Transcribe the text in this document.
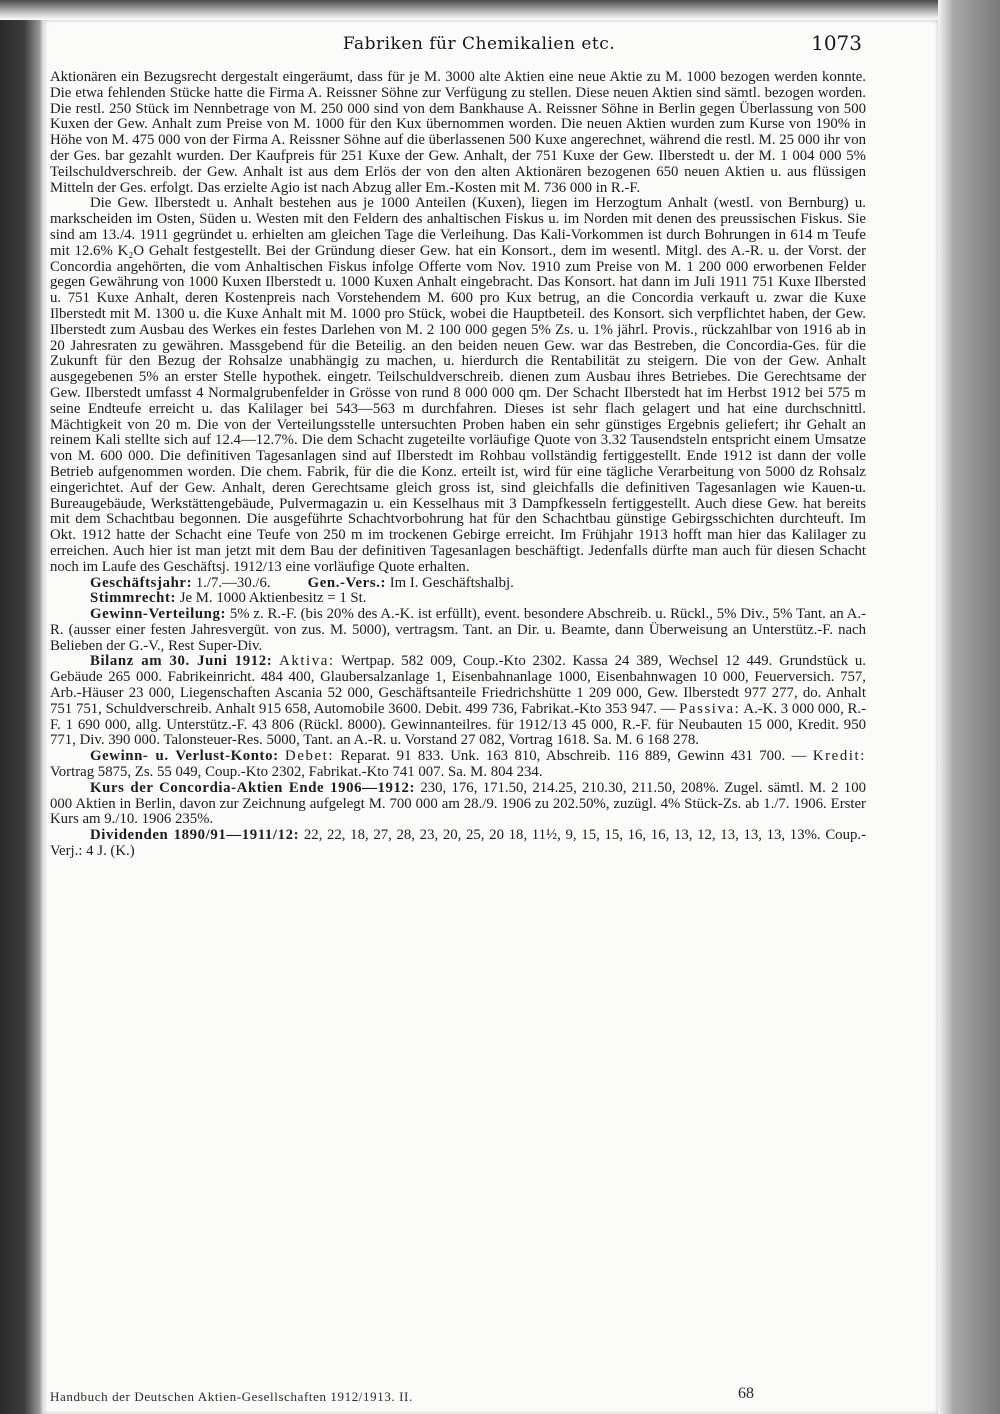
Fabriken für Chemikalien etc.	1073

Aktionären ein Bezugsrecht dergestalt eingeräumt, dass für je M. 3000 alte Aktien eine neue Aktie zu M. 1000 bezogen werden konnte. Die etwa fehlenden Stücke hatte die Firma A. Reissner Söhne zur Verfügung zu stellen. Diese neuen Aktien sind sämtl. bezogen worden. Die restl. 250 Stück im Nennbetrage von M. 250 000 sind von dem Bankhause A. Reissner Söhne in Berlin gegen Überlassung von 500 Kuxen der Gew. Anhalt zum Preise von M. 1000 für den Kux übernommen worden. Die neuen Aktien wurden zum Kurse von 190% in Höhe von M. 475 000 von der Firma A. Reissner Söhne auf die überlassenen 500 Kuxe angerechnet, während die restl. M. 25 000 ihr von der Ges. bar gezahlt wurden. Der Kaufpreis für 251 Kuxe der Gew. Anhalt, der 751 Kuxe der Gew. Ilberstedt u. der M. 1 004 000 5% Teilschuldverschreib. der Gew. Anhalt ist aus dem Erlös der von den alten Aktionären bezogenen 650 neuen Aktien u. aus flüssigen Mitteln der Ges. erfolgt. Das erzielte Agio ist nach Abzug aller Em.-Kosten mit M. 736 000 in R.-F.

Die Gew. Ilberstedt u. Anhalt bestehen aus je 1000 Anteilen (Kuxen), liegen im Herzogtum Anhalt (westl. von Bernburg) u. markscheiden im Osten, Süden u. Westen mit den Feldern des anhaltischen Fiskus u. im Norden mit denen des preussischen Fiskus. Sie sind am 13./4. 1911 gegründet u. erhielten am gleichen Tage die Verleihung. Das Kali-Vorkommen ist durch Bohrungen in 614 m Teufe mit 12.6% K₂O Gehalt festgestellt. Bei der Gründung dieser Gew. hat ein Konsort., dem im wesentl. Mitgl. des A.-R. u. der Vorst. der Concordia angehörten, die vom Anhaltischen Fiskus infolge Offerte vom Nov. 1910 zum Preise von M. 1 200 000 erworbenen Felder gegen Gewährung von 1000 Kuxen Ilberstedt u. 1000 Kuxen Anhalt eingebracht. Das Konsort. hat dann im Juli 1911 751 Kuxe Ilbersted u. 751 Kuxe Anhalt, deren Kostenpreis nach Vorstehendem M. 600 pro Kux betrug, an die Concordia verkauft u. zwar die Kuxe Ilberstedt mit M. 1300 u. die Kuxe Anhalt mit M. 1000 pro Stück, wobei die Hauptbeteil. des Konsort. sich verpflichtet haben, der Gew. Ilberstedt zum Ausbau des Werkes ein festes Darlehen von M. 2 100 000 gegen 5% Zs. u. 1% jährl. Provis., rückzahlbar von 1916 ab in 20 Jahresraten zu gewähren. Massgebend für die Beteilig. an den beiden neuen Gew. war das Bestreben, die Concordia-Ges. für die Zukunft für den Bezug der Rohsalze unabhängig zu machen, u. hierdurch die Rentabilität zu steigern. Die von der Gew. Anhalt ausgegebenen 5% an erster Stelle hypothek. eingetr. Teilschuldverschreib. dienen zum Ausbau ihres Betriebes. Die Gerechtsame der Gew. Ilberstedt umfasst 4 Normalgrubenfelder in Grösse von rund 8 000 000 qm. Der Schacht Ilberstedt hat im Herbst 1912 bei 575 m seine Endteufe erreicht u. das Kalilager bei 543—563 m durchfahren. Dieses ist sehr flach gelagert und hat eine durchschnittl. Mächtigkeit von 20 m. Die von der Verteilungsstelle untersuchten Proben haben ein sehr günstiges Ergebnis geliefert; ihr Gehalt an reinem Kali stellte sich auf 12.4—12.7%. Die dem Schacht zugeteilte vorläufige Quote von 3.32 Tausendsteln entspricht einem Umsatze von M. 600 000. Die definitiven Tagesanlagen sind auf Ilberstedt im Rohbau vollständig fertiggestellt. Ende 1912 ist dann der volle Betrieb aufgenommen worden. Die chem. Fabrik, für die die Konz. erteilt ist, wird für eine tägliche Verarbeitung von 5000 dz Rohsalz eingerichtet. Auf der Gew. Anhalt, deren Gerechtsame gleich gross ist, sind gleichfalls die definitiven Tagesanlagen wie Kauen-u. Bureaugebäude, Werkstättengebäude, Pulvermagazin u. ein Kesselhaus mit 3 Dampfkesseln fertiggestellt. Auch diese Gew. hat bereits mit dem Schachtbau begonnen. Die ausgeführte Schachtvorbohrung hat für den Schachtbau günstige Gebirgsschichten durchteuft. Im Okt. 1912 hatte der Schacht eine Teufe von 250 m im trockenen Gebirge erreicht. Im Frühjahr 1913 hofft man hier das Kalilager zu erreichen. Auch hier ist man jetzt mit dem Bau der definitiven Tagesanlagen beschäftigt. Jedenfalls dürfte man auch für diesen Schacht noch im Laufe des Geschäftsj. 1912/13 eine vorläufige Quote erhalten.

Geschäftsjahr: 1./7.—30./6.	Gen.-Vers.: Im I. Geschäftshalbj.

Stimmrecht: Je M. 1000 Aktienbesitz = 1 St.

Gewinn-Verteilung: 5% z. R.-F. (bis 20% des A.-K. ist erfüllt), event. besondere Abschreib. u. Rückl., 5% Div., 5% Tant. an A.-R. (ausser einer festen Jahresvergüt. von zus. M. 5000), vertragsm. Tant. an Dir. u. Beamte, dann Überweisung an Unterstütz.-F. nach Belieben der G.-V., Rest Super-Div.

Bilanz am 30. Juni 1912: Aktiva: Wertpap. 582 009, Coup.-Kto 2302. Kassa 24 389, Wechsel 12 449. Grundstück u. Gebäude 265 000. Fabrikeinricht. 484 400, Glaubersalzanlage 1, Eisenbahnanlage 1000, Eisenbahnwagen 10 000, Feuerversich. 757, Arb.-Häuser 23 000, Liegenschaften Ascania 52 000, Geschäftsanteile Friedrichshütte 1 209 000, Gew. Ilberstedt 977 277, do. Anhalt 751 751, Schuldverschreib. Anhalt 915 658, Automobile 3600. Debit. 499 736, Fabrikat.-Kto 353 947. — Passiva: A.-K. 3 000 000, R.-F. 1 690 000, allg. Unterstütz.-F. 43 806 (Rückl. 8000). Gewinnanteilres. für 1912/13 45 000, R.-F. für Neubauten 15 000, Kredit. 950 771, Div. 390 000. Talonsteuer-Res. 5000, Tant. an A.-R. u. Vorstand 27 082, Vortrag 1618. Sa. M. 6 168 278.

Gewinn- u. Verlust-Konto: Debet: Reparat. 91 833. Unk. 163 810, Abschreib. 116 889, Gewinn 431 700. — Kredit: Vortrag 5875, Zs. 55 049, Coup.-Kto 2302, Fabrikat.-Kto 741 007. Sa. M. 804 234.

Kurs der Concordia-Aktien Ende 1906—1912: 230, 176, 171.50, 214.25, 210.30, 211.50, 208%. Zugel. sämtl. M. 2 100 000 Aktien in Berlin, davon zur Zeichnung aufgelegt M. 700 000 am 28./9. 1906 zu 202.50%, zuzügl. 4% Stück-Zs. ab 1./7. 1906. Erster Kurs am 9./10. 1906 235%.

Dividenden 1890/91—1911/12: 22, 22, 18, 27, 28, 23, 20, 25, 20 18, 11½, 9, 15, 15, 16, 16, 13, 12, 13, 13, 13, 13%. Coup.-Verj.: 4 J. (K.)

Handbuch der Deutschen Aktien-Gesellschaften 1912/1913. II.	68
